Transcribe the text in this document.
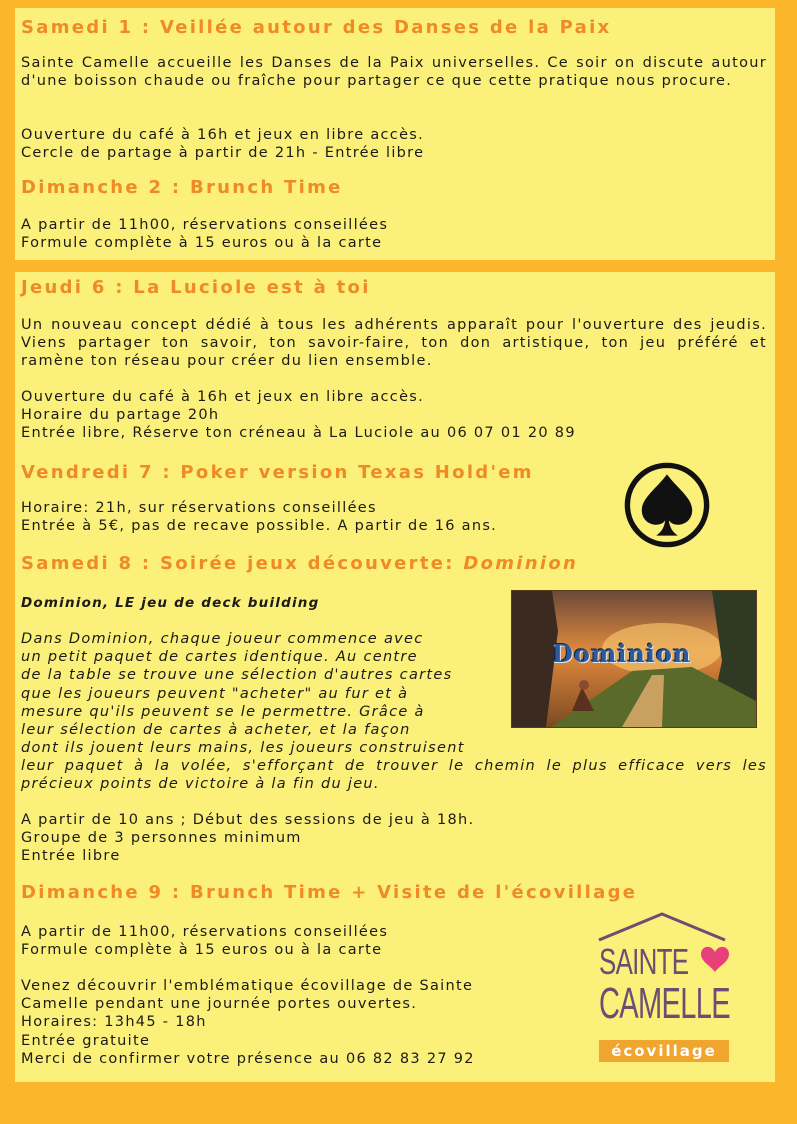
Samedi 1 : Veillée autour des Danses de la Paix

Sainte Camelle accueille les Danses de la Paix universelles. Ce soir on discute autour d'une boisson chaude ou fraîche pour partager ce que cette pratique nous procure.

Ouverture du café à 16h et jeux en libre accès.

Cercle de partage à partir de 21h - Entrée libre

Dimanche 2 : Brunch Time

A partir de 11h00, réservations conseillées

Formule complète à 15 euros ou à la carte

Jeudi 6 : La Luciole est à toi

Un nouveau concept dédié à tous les adhérents apparaît pour l'ouverture des jeudis. Viens partager ton savoir, ton savoir-faire, ton don artistique, ton jeu préféré et ramène ton réseau pour créer du lien ensemble.

Ouverture du café à 16h et jeux en libre accès.

Horaire du partage 20h

Entrée libre, Réserve ton créneau à La Luciole au 06 07 01 20 89

Vendredi 7 : Poker version Texas Hold'em

Horaire: 21h, sur réservations conseillées

Entrée à 5€, pas de recave possible. A partir de 16 ans.

Samedi 8 : Soirée jeux découverte: Dominion

Dominion, LE jeu de deck building

Dans Dominion, chaque joueur commence avec

un petit paquet de cartes identique. Au centre

de la table se trouve une sélection d'autres cartes

que les joueurs peuvent "acheter" au fur et à

mesure qu'ils peuvent se le permettre. Grâce à

leur sélection de cartes à acheter, et la façon

dont ils jouent leurs mains, les joueurs construisent

leur paquet à la volée, s'efforçant de trouver le chemin le plus efficace vers les précieux points de victoire à la fin du jeu.

A partir de 10 ans ; Début des sessions de jeu à 18h.

Groupe de 3 personnes minimum

Entrée libre

Dominion
Dimanche 9 : Brunch Time + Visite de l'écovillage

A partir de 11h00, réservations conseillées

Formule complète à 15 euros ou à la carte

Venez découvrir l'emblématique écovillage de Sainte

Camelle pendant une journée portes ouvertes.

Horaires: 13h45 - 18h

Entrée gratuite

Merci de confirmer votre présence au 06 82 83 27 92

SAINTE
CAMELLE
écovillage
